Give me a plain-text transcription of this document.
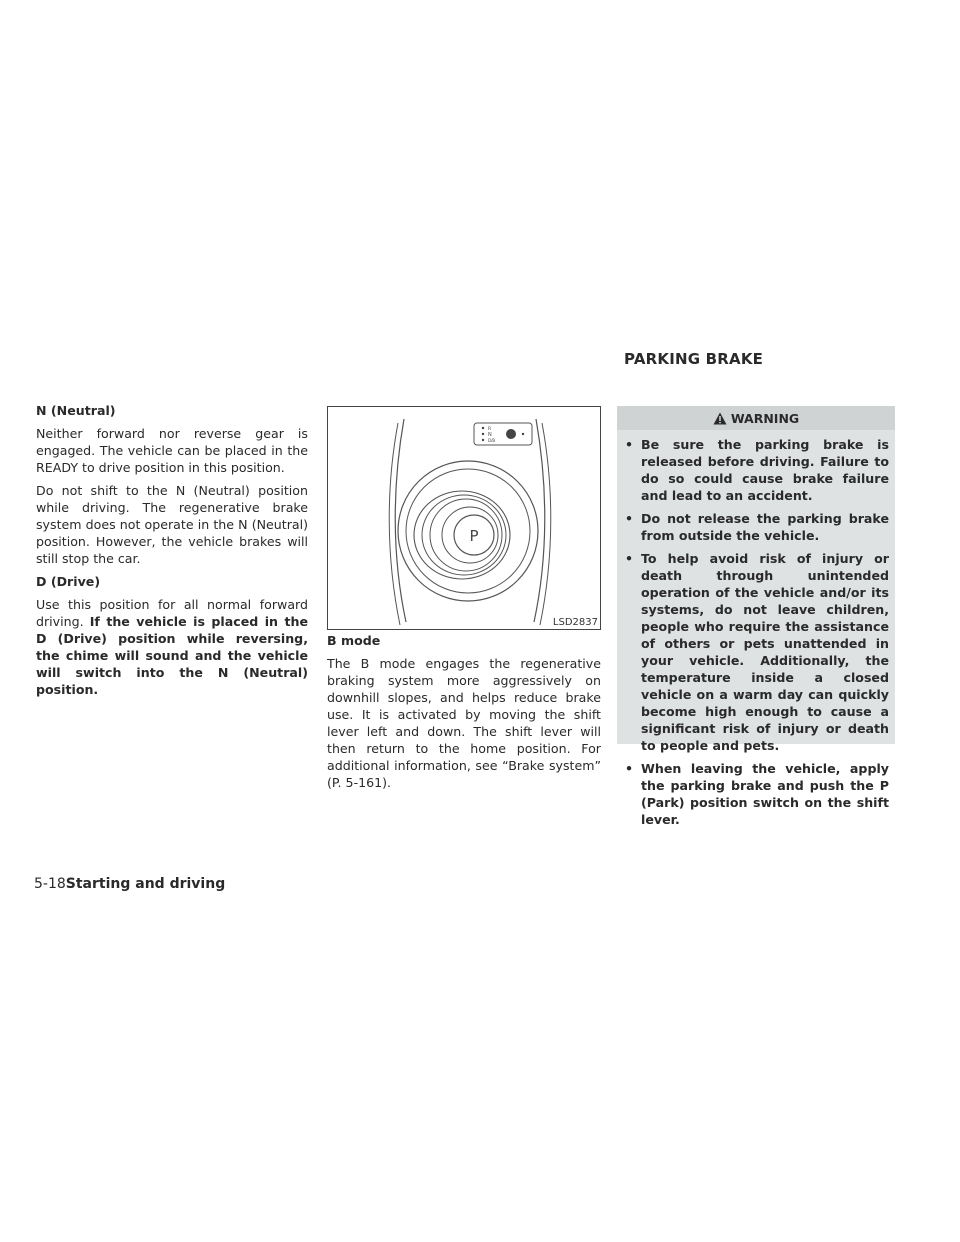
PARKING BRAKE
N (Neutral)

Neither forward nor reverse gear is engaged. The vehicle can be placed in the READY to drive position in this position.

Do not shift to the N (Neutral) position while driving. The regenerative brake system does not operate in the N (Neutral) position. However, the vehicle brakes will still stop the car.

D (Drive)

Use this position for all normal forward driving. If the vehicle is placed in the D (Drive) position while reversing, the chime will sound and the vehicle will switch into the N (Neutral) position.

R
N
D/B
P
LSD2837
B mode

The B mode engages the regenerative braking system more aggressively on downhill slopes, and helps reduce brake use. It is activated by moving the shift lever left and down. The shift lever will then return to the home position. For additional information, see “Brake system” (P. 5-161).

WARNING
• Be sure the parking brake is released before driving. Failure to do so could cause brake failure and lead to an accident.
• Do not release the parking brake from outside the vehicle.
• To help avoid risk of injury or death through unintended operation of the vehicle and/or its systems, do not leave children, people who require the assistance of others or pets unattended in your vehicle. Additionally, the temperature inside a closed vehicle on a warm day can quickly become high enough to cause a significant risk of injury or death to people and pets.
• When leaving the vehicle, apply the parking brake and push the P (Park) position switch on the shift lever.
5-18Starting and driving
